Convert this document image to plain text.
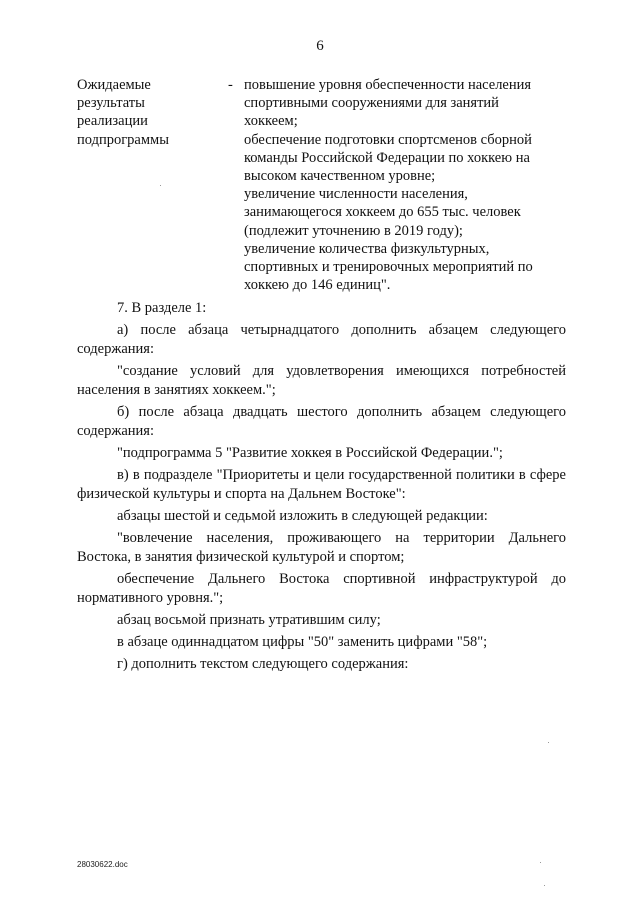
6
Ожидаемые
результаты
реализации
подпрограммы
- повышение уровня обеспеченности населения
спортивными сооружениями для занятий
хоккеем;
обеспечение подготовки спортсменов сборной
команды Российской Федерации по хоккею на
высоком качественном уровне;
увеличение численности населения,
занимающегося хоккеем до 655 тыс. человек
(подлежит уточнению в 2019 году);
увеличение количества физкультурных,
спортивных и тренировочных мероприятий по
хоккею до 146 единиц".

7. В разделе 1:

а) после абзаца четырнадцатого дополнить абзацем следующего содержания:

"создание условий для удовлетворения имеющихся потребностей населения в занятиях хоккеем.";

б) после абзаца двадцать шестого дополнить абзацем следующего содержания:

"подпрограмма 5 "Развитие хоккея в Российской Федерации.";

в) в подразделе "Приоритеты и цели государственной политики в сфере физической культуры и спорта на Дальнем Востоке":

абзацы шестой и седьмой изложить в следующей редакции:

"вовлечение населения, проживающего на территории Дальнего Востока, в занятия физической культурой и спортом;

обеспечение Дальнего Востока спортивной инфраструктурой до нормативного уровня.";

абзац восьмой признать утратившим силу;

в абзаце одиннадцатом цифры "50" заменить цифрами "58";

г) дополнить текстом следующего содержания:

28030622.doc
